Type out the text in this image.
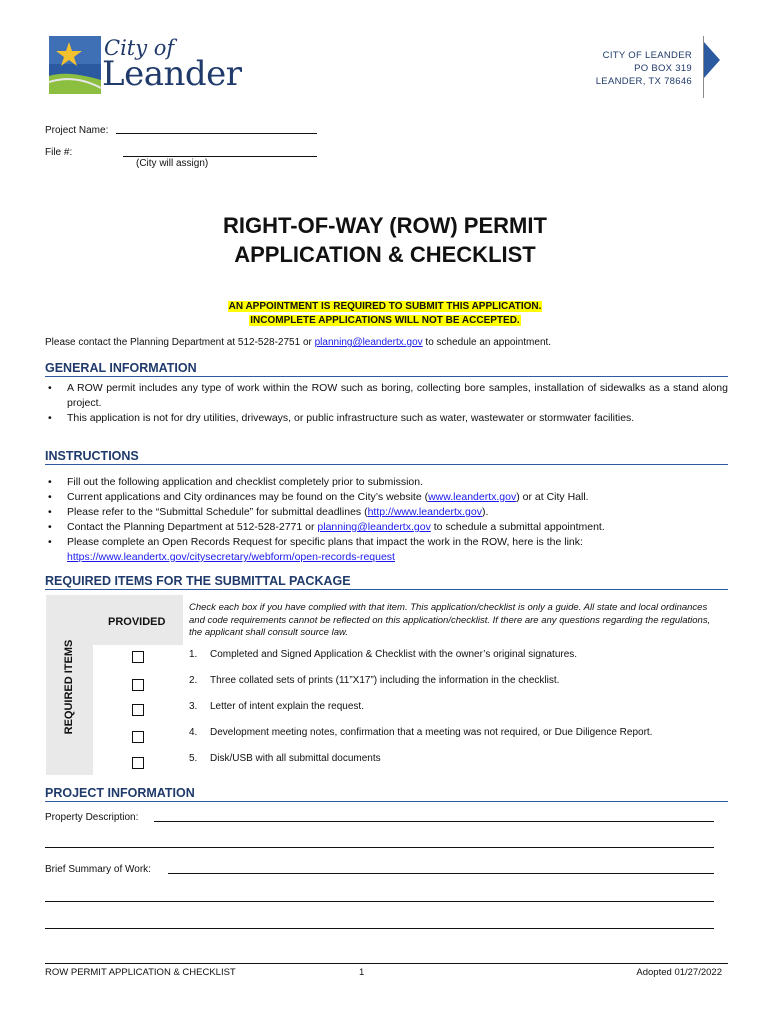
City of
Leander	CITY OF LEANDER
PO BOX 319
LEANDER, TX 78646
Project Name:
File #:
(City will assign)
RIGHT-OF-WAY (ROW) PERMIT
APPLICATION & CHECKLIST
AN APPOINTMENT IS REQUIRED TO SUBMIT THIS APPLICATION.
INCOMPLETE APPLICATIONS WILL NOT BE ACCEPTED.
Please contact the Planning Department at 512-528-2751 or planning@leandertx.gov to schedule an appointment.
GENERAL INFORMATION
• A ROW permit includes any type of work within the ROW such as boring, collecting bore samples, installation of sidewalks as a stand along project.
• This application is not for dry utilities, driveways, or public infrastructure such as water, wastewater or stormwater facilities.
INSTRUCTIONS
• Fill out the following application and checklist completely prior to submission.
• Current applications and City ordinances may be found on the City’s website (www.leandertx.gov) or at City Hall.
• Please refer to the “Submittal Schedule” for submittal deadlines (http://www.leandertx.gov).
• Contact the Planning Department at 512-528-2771 or planning@leandertx.gov to schedule a submittal appointment.
• Please complete an Open Records Request for specific plans that impact the work in the ROW, here is the link: https://www.leandertx.gov/citysecretary/webform/open-records-request
REQUIRED ITEMS FOR THE SUBMITTAL PACKAGE
REQUIRED ITEMS
PROVIDED
Check each box if you have complied with that item. This application/checklist is only a guide. All state and local ordinances and code requirements cannot be reflected on this application/checklist. If there are any questions regarding the regulations, the applicant shall consult source law.
1. Completed and Signed Application & Checklist with the owner’s original signatures.
2. Three collated sets of prints (11”X17”) including the information in the checklist.
3. Letter of intent explain the request.
4. Development meeting notes, confirmation that a meeting was not required, or Due Diligence Report.
5. Disk/USB with all submittal documents
PROJECT INFORMATION
Property Description:
Brief Summary of Work:
ROW PERMIT APPLICATION & CHECKLIST	1	Adopted 01/27/2022
